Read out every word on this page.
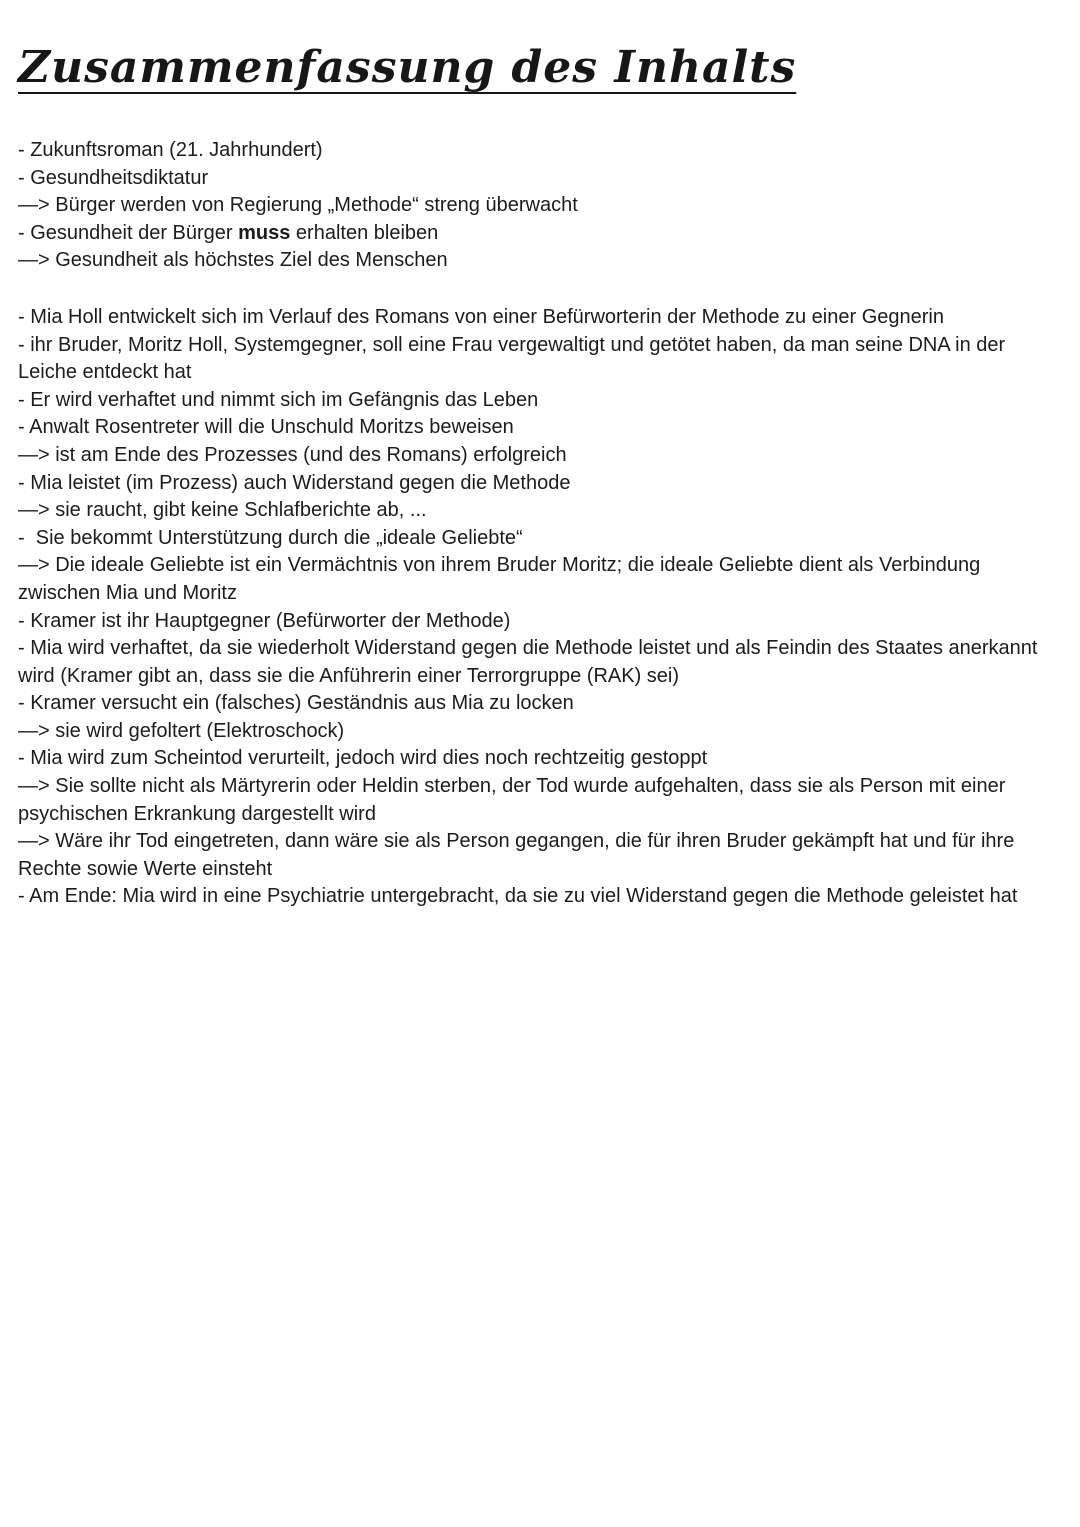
Zusammenfassung des Inhalts
- Zukunftsroman (21. Jahrhundert)
- Gesundheitsdiktatur
—> Bürger werden von Regierung „Methode“ streng überwacht
- Gesundheit der Bürger muss erhalten bleiben
—> Gesundheit als höchstes Ziel des Menschen
- Mia Holl entwickelt sich im Verlauf des Romans von einer Befürworterin der Methode zu einer Gegnerin
- ihr Bruder, Moritz Holl, Systemgegner, soll eine Frau vergewaltigt und getötet haben, da man seine DNA in der Leiche entdeckt hat
- Er wird verhaftet und nimmt sich im Gefängnis das Leben
- Anwalt Rosentreter will die Unschuld Moritzs beweisen
—> ist am Ende des Prozesses (und des Romans) erfolgreich
- Mia leistet (im Prozess) auch Widerstand gegen die Methode
—> sie raucht, gibt keine Schlafberichte ab, ...
-  Sie bekommt Unterstützung durch die „ideale Geliebte“
—> Die ideale Geliebte ist ein Vermächtnis von ihrem Bruder Moritz; die ideale Geliebte dient als Verbindung zwischen Mia und Moritz
- Kramer ist ihr Hauptgegner (Befürworter der Methode)
- Mia wird verhaftet, da sie wiederholt Widerstand gegen die Methode leistet und als Feindin des Staates anerkannt wird (Kramer gibt an, dass sie die Anführerin einer Terrorgruppe (RAK) sei)
- Kramer versucht ein (falsches) Geständnis aus Mia zu locken
—> sie wird gefoltert (Elektroschock)
- Mia wird zum Scheintod verurteilt, jedoch wird dies noch rechtzeitig gestoppt
—> Sie sollte nicht als Märtyrerin oder Heldin sterben, der Tod wurde aufgehalten, dass sie als Person mit einer psychischen Erkrankung dargestellt wird
—> Wäre ihr Tod eingetreten, dann wäre sie als Person gegangen, die für ihren Bruder gekämpft hat und für ihre Rechte sowie Werte einsteht
- Am Ende: Mia wird in eine Psychiatrie untergebracht, da sie zu viel Widerstand gegen die Methode geleistet hat
